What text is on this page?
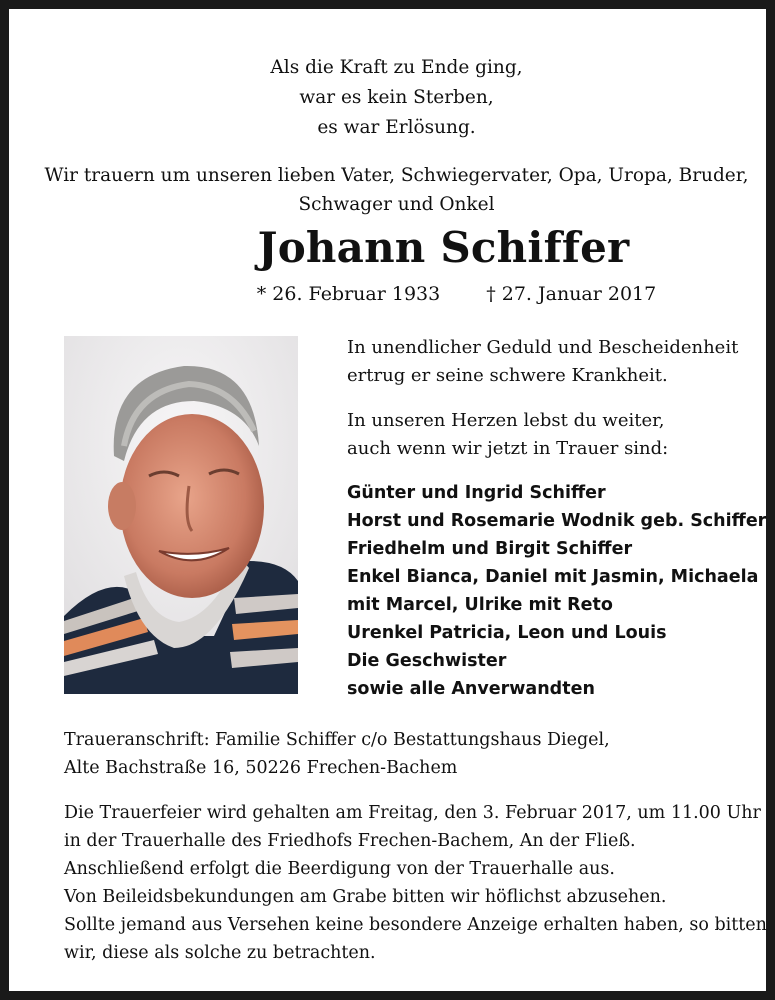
Als die Kraft zu Ende ging,
war es kein Sterben,
es war Erlösung.
Wir trauern um unseren lieben Vater, Schwiegervater, Opa, Uropa, Bruder,
Schwager und Onkel
Johann Schiffer
* 26. Februar 1933 † 27. Januar 2017
In unendlicher Geduld und Bescheidenheit
ertrug er seine schwere Krankheit.
In unseren Herzen lebst du weiter,
auch wenn wir jetzt in Trauer sind:
Günter und Ingrid Schiffer
Horst und Rosemarie Wodnik geb. Schiffer
Friedhelm und Birgit Schiffer
Enkel Bianca, Daniel mit Jasmin, Michaela
mit Marcel, Ulrike mit Reto
Urenkel Patricia, Leon und Louis
Die Geschwister
sowie alle Anverwandten
Traueranschrift: Familie Schiffer c/o Bestattungshaus Diegel,
Alte Bachstraße 16, 50226 Frechen-Bachem
Die Trauerfeier wird gehalten am Freitag, den 3. Februar 2017, um 11.00 Uhr
in der Trauerhalle des Friedhofs Frechen-Bachem, An der Fließ.
Anschließend erfolgt die Beerdigung von der Trauerhalle aus.
Von Beileidsbekundungen am Grabe bitten wir höflichst abzusehen.
Sollte jemand aus Versehen keine besondere Anzeige erhalten haben, so bitten
wir, diese als solche zu betrachten.
